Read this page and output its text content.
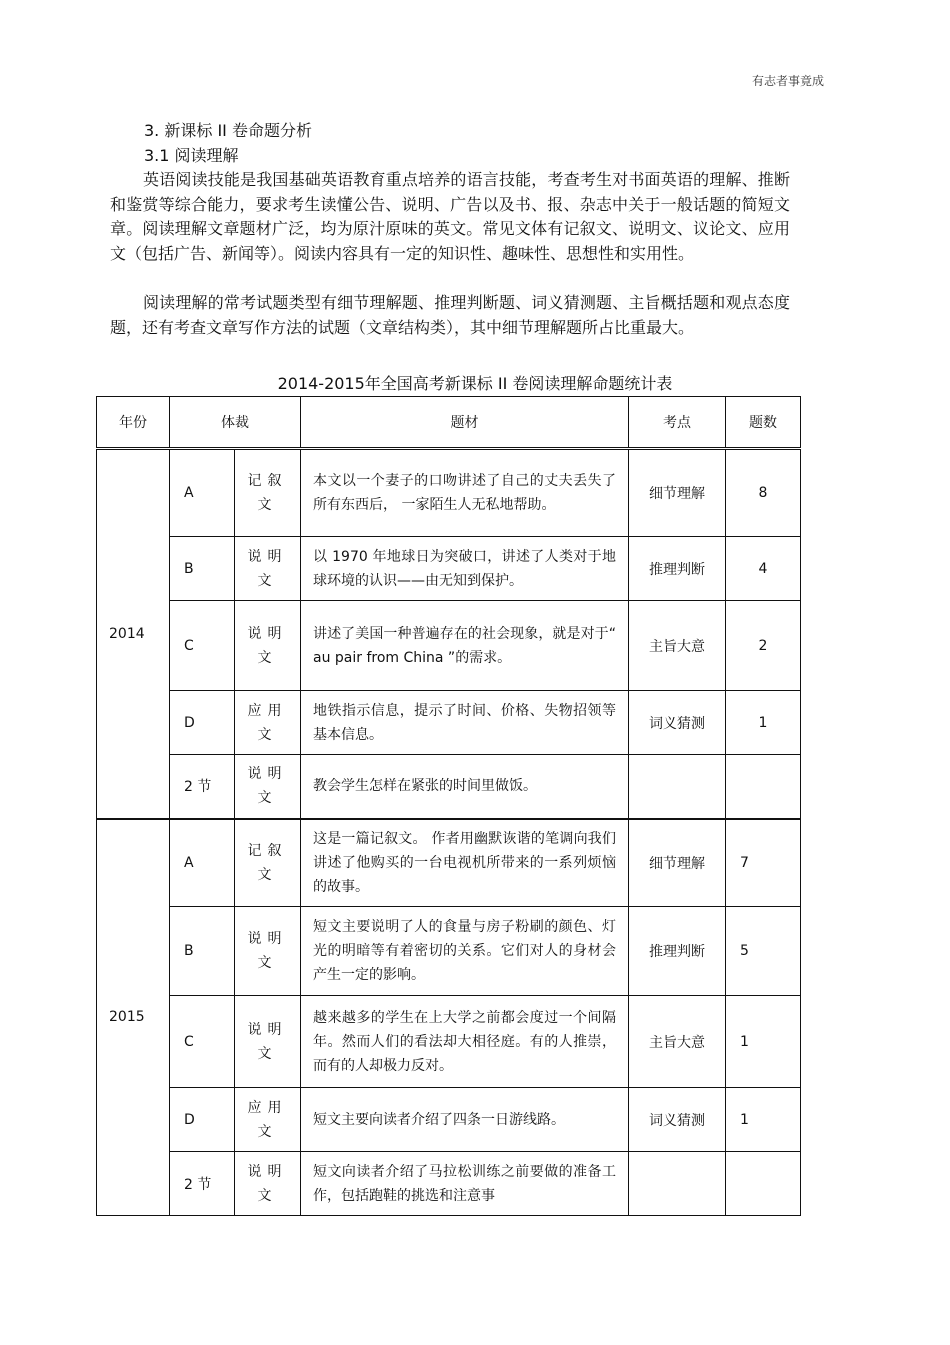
有志者事竟成
3. 新课标 II 卷命题分析
3.1 阅读理解
英语阅读技能是我国基础英语教育重点培养的语言技能，考查考生对书面英语的理解、推断和鉴赏等综合能力，要求考生读懂公告、说明、广告以及书、报、杂志中关于一般话题的简短文章。阅读理解文章题材广泛，均为原汁原味的英文。常见文体有记叙文、说明文、议论文、应用文（包括广告、新闻等）。阅读内容具有一定的知识性、趣味性、思想性和实用性。
阅读理解的常考试题类型有细节理解题、推理判断题、词义猜测题、主旨概括题和观点态度题，还有考查文章写作方法的试题（文章结构类），其中细节理解题所占比重最大。
2014-2015年全国高考新课标 II 卷阅读理解命题统计表
年份	体裁		题材	考点	题数
2014	A	记叙文	本文以一个妻子的口吻讲述了自己的丈夫丢失了所有东西后， 一家陌生人无私地帮助。	细节理解	8
	B	说明文	以 1970 年地球日为突破口，讲述了人类对于地球环境的认识——由无知到保护。	推理判断	4
	C	说明文	讲述了美国一种普遍存在的社会现象，就是对于“ au pair from China ”的需求。	主旨大意	2
	D	应用文	地铁指示信息，提示了时间、价格、失物招领等基本信息。	词义猜测	1
	2 节	说明文	教会学生怎样在紧张的时间里做饭。		
2015	A	记叙文	这是一篇记叙文。 作者用幽默诙谐的笔调向我们讲述了他购买的一台电视机所带来的一系列烦恼的故事。	细节理解	7
	B	说明文	短文主要说明了人的食量与房子粉刷的颜色、灯光的明暗等有着密切的关系。它们对人的身材会产生一定的影响。	推理判断	5
	C	说明文	越来越多的学生在上大学之前都会度过一个间隔年。然而人们的看法却大相径庭。有的人推崇，而有的人却极力反对。	主旨大意	1
	D	应用文	短文主要向读者介绍了四条一日游线路。	词义猜测	1
	2 节	说明文	短文向读者介绍了马拉松训练之前要做的准备工作，包括跑鞋的挑选和注意事		
